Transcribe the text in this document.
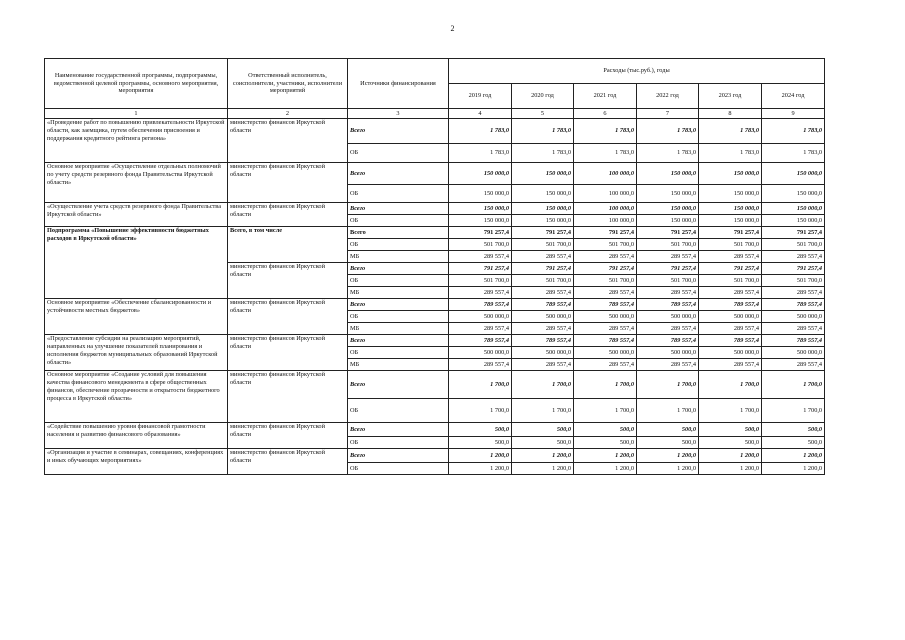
2
Наименование государственной программы, подпрограммы, ведомственной целевой программы, основного мероприятия, мероприятия	Ответственный исполнитель, соисполнители, участники, исполнители мероприятий	Источники финансирования	Расходы (тыс.руб.), годы					
			2019 год	2020 год	2021 год	2022 год	2023 год	2024 год
1	2	3	4	5	6	7	8	9
«Проведение работ по повышению привлекательности Иркутской области, как заемщика, путем обеспечения присвоения и поддержания кредитного рейтинга региона»	министерство финансов Иркутской области	Всего	1 783,0	1 783,0	1 783,0	1 783,0	1 783,0	1 783,0
		ОБ	1 783,0	1 783,0	1 783,0	1 783,0	1 783,0	1 783,0
Основное мероприятие «Осуществление отдельных полномочий по учету средств резервного фонда Правительства Иркутской области»	министерство финансов Иркутской области	Всего	150 000,0	150 000,0	100 000,0	150 000,0	150 000,0	150 000,0
		ОБ	150 000,0	150 000,0	100 000,0	150 000,0	150 000,0	150 000,0
«Осуществление учета средств резервного фонда Правительства Иркутской области»	министерство финансов Иркутской области	Всего	150 000,0	150 000,0	100 000,0	150 000,0	150 000,0	150 000,0
		ОБ	150 000,0	150 000,0	100 000,0	150 000,0	150 000,0	150 000,0
Подпрограмма «Повышение эффективности бюджетных расходов в Иркутской области»	Всего, в том числе	Всего	791 257,4	791 257,4	791 257,4	791 257,4	791 257,4	791 257,4
		ОБ	501 700,0	501 700,0	501 700,0	501 700,0	501 700,0	501 700,0
		МБ	289 557,4	289 557,4	289 557,4	289 557,4	289 557,4	289 557,4
	министерство финансов Иркутской области	Всего	791 257,4	791 257,4	791 257,4	791 257,4	791 257,4	791 257,4
		ОБ	501 700,0	501 700,0	501 700,0	501 700,0	501 700,0	501 700,0
		МБ	289 557,4	289 557,4	289 557,4	289 557,4	289 557,4	289 557,4
Основное мероприятие «Обеспечение сбалансированности и устойчивости местных бюджетов»	министерство финансов Иркутской области	Всего	789 557,4	789 557,4	789 557,4	789 557,4	789 557,4	789 557,4
		ОБ	500 000,0	500 000,0	500 000,0	500 000,0	500 000,0	500 000,0
		МБ	289 557,4	289 557,4	289 557,4	289 557,4	289 557,4	289 557,4
«Предоставление субсидии на реализацию мероприятий, направленных на улучшение показателей планирования и исполнения бюджетов муниципальных образований Иркутской области»	министерство финансов Иркутской области	Всего	789 557,4	789 557,4	789 557,4	789 557,4	789 557,4	789 557,4
		ОБ	500 000,0	500 000,0	500 000,0	500 000,0	500 000,0	500 000,0
		МБ	289 557,4	289 557,4	289 557,4	289 557,4	289 557,4	289 557,4
Основное мероприятие «Создание условий для повышения качества финансового менеджмента в сфере общественных финансов, обеспечение прозрачности и открытости бюджетного процесса в Иркутской области»	министерство финансов Иркутской области	Всего	1 700,0	1 700,0	1 700,0	1 700,0	1 700,0	1 700,0
		ОБ	1 700,0	1 700,0	1 700,0	1 700,0	1 700,0	1 700,0
«Содействие повышению уровня финансовой грамотности населения и развитию финансового образования»	министерство финансов Иркутской области	Всего	500,0	500,0	500,0	500,0	500,0	500,0
		ОБ	500,0	500,0	500,0	500,0	500,0	500,0
«Организация и участие в семинарах, совещаниях, конференциях и иных обучающих мероприятиях»	министерство финансов Иркутской области	Всего	1 200,0	1 200,0	1 200,0	1 200,0	1 200,0	1 200,0
		ОБ	1 200,0	1 200,0	1 200,0	1 200,0	1 200,0	1 200,0
